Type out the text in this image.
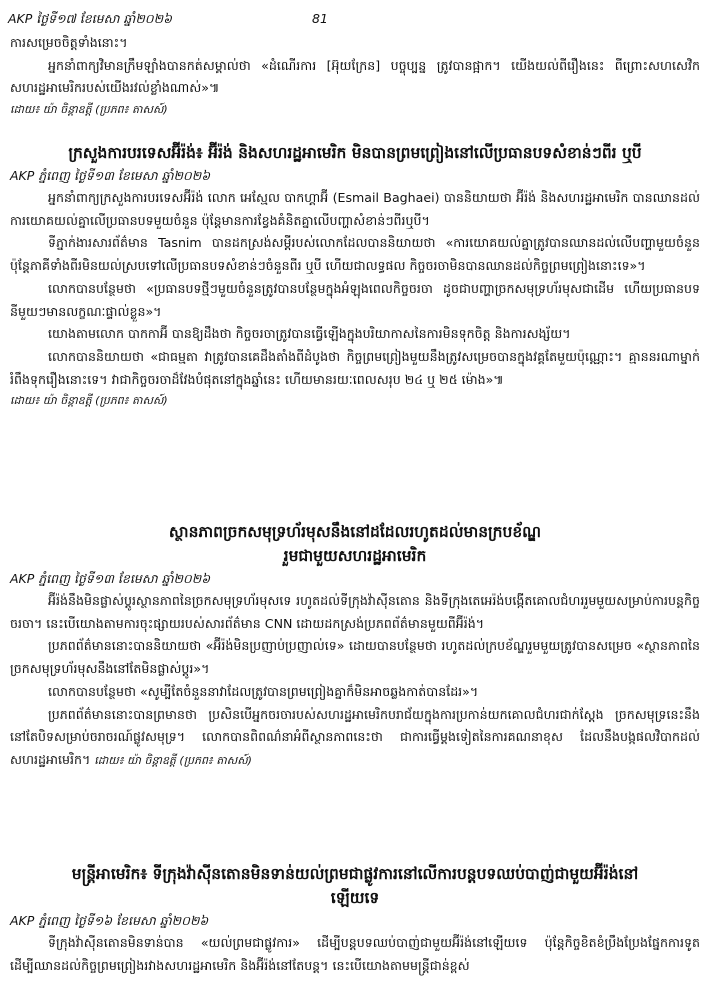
AKP ថ្ងៃទី១៧ ខែមេសា ឆ្នាំ២០២៦	81

ការសម្រេចចិត្តទាំងនោះ។

អ្នកនាំពាក្យវិមានក្រឹមឡាំងបានកត់សម្គាល់ថា «ដំណើរការ [អ៊ុយក្រែន] បច្ចុប្បន្ន ត្រូវបានផ្អាក។ យើងយល់ពីរឿងនេះ ពីព្រោះសហសេវិកសហរដ្ឋអាមេរិករបស់យើងរវល់ខ្លាំងណាស់»៕

ដោយ៖ យ៉ា ចិន្តាឧត្តី (ប្រភព៖ តាសស៍)

ក្រសួងការបរទេសអ៊ីរ៉ង់៖ អ៊ីរ៉ង់ និងសហរដ្ឋអាមេរិក មិនបានព្រមព្រៀងនៅលើប្រធានបទសំខាន់ៗពីរ ឬបី

AKP ភ្នំពេញ ថ្ងៃទី១៣ ខែមេសា ឆ្នាំ២០២៦

អ្នកនាំពាក្យក្រសួងការបរទេសអ៊ីរ៉ង់ លោក អេស្មែល បាកហ្គាអ៊ី (Esmail Baghaei) បាននិយាយថា អ៊ីរ៉ង់ និងសហរដ្ឋអាមេរិក បានឈានដល់ការយោគយល់គ្នាលើប្រធានបទមួយចំនួន ប៉ុន្តែមានការខ្វែងគំនិតគ្នាលើបញ្ហាសំខាន់ៗពីរឬបី។

ទីភ្នាក់ងារសារព័ត៌មាន Tasnim បានដកស្រង់សម្ដីរបស់លោកដែលបាននិយាយថា «ការយោគយល់គ្នាត្រូវបានឈានដល់លើបញ្ហាមួយចំនួន ប៉ុន្តែភាគីទាំងពីរមិនយល់ស្របទៅលើប្រធានបទសំខាន់ៗចំនួនពីរ ឬបី ហើយជាលទ្ធផល កិច្ចចរចាមិនបានឈានដល់កិច្ចព្រមព្រៀងនោះទេ»។

លោកបានបន្ថែមថា «ប្រធានបទថ្មីៗមួយចំនួនត្រូវបានបន្ថែមក្នុងអំឡុងពេលកិច្ចចរចា ដូចជាបញ្ហាច្រកសមុទ្រហ័រមុសជាដើម ហើយប្រធានបទនីមួយៗមានលក្ខណៈផ្ទាល់ខ្លួន»។

យោងតាមលោក បាកកាអ៊ី បានឱ្យដឹងថា កិច្ចចរចាត្រូវបានធ្វើឡើងក្នុងបរិយាកាសនៃការមិនទុកចិត្ត និងការសង្ស័យ។

លោកបាននិយាយថា «ជាធម្មតា វាត្រូវបានគេដឹងតាំងពីដំបូងថា កិច្ចព្រមព្រៀងមួយនឹងត្រូវសម្រេចបានក្នុងវគ្គតែមួយប៉ុណ្ណោះ។ គ្មាននរណាម្នាក់រំពឹងទុករឿងនោះទេ។ វាជាកិច្ចចរចាដ៏វែងបំផុតនៅក្នុងឆ្នាំនេះ ហើយមានរយៈពេលសរុប ២៤ ឬ ២៥ ម៉ោង»៕

ដោយ៖ យ៉ា ចិន្តាឧត្តី (ប្រភព៖ តាសស៍)

ស្ថានភាពច្រកសមុទ្រហ័រមុសនឹងនៅដដែលរហូតដល់មានក្របខ័ណ្ឌ

រួមជាមួយសហរដ្ឋអាមេរិក

AKP ភ្នំពេញ ថ្ងៃទី១៣ ខែមេសា ឆ្នាំ២០២៦

អ៊ីរ៉ង់នឹងមិនផ្លាស់ប្ដូរស្ថានភាពនៃច្រកសមុទ្រហ័រមុសទេ រហូតដល់ទីក្រុងវ៉ាស៊ីនតោន និងទីក្រុងតេអេរ៉ង់បង្កើតគោលជំហររួមមួយសម្រាប់ការបន្តកិច្ចចរចា។ នេះបើយោងតាមការចុះផ្សាយរបស់សារព័ត៌មាន CNN ដោយដកស្រង់ប្រភពព័ត៌មានមួយពីអ៊ីរ៉ង់។

ប្រភពព័ត៌មាននោះបាននិយាយថា «អ៊ីរ៉ង់មិនប្រញាប់ប្រញាល់ទេ» ដោយបានបន្ថែមថា រហូតដល់ក្របខ័ណ្ឌរួមមួយត្រូវបានសម្រេច «ស្ថានភាពនៃច្រកសមុទ្រហ័រមុសនឹងនៅតែមិនផ្លាស់ប្ដូរ»។

លោកបានបន្ថែមថា «សូម្បីតែចំនួននាវាដែលត្រូវបានព្រមព្រៀងគ្នាក៏មិនអាចឆ្លងកាត់បានដែរ»។

ប្រភពព័ត៌មាននោះបានព្រមានថា ប្រសិនបើអ្នកចរចារបស់សហរដ្ឋអាមេរិកបរាជ័យក្នុងការប្រកាន់យកគោលជំហរជាក់ស្ដែង ច្រកសមុទ្រនេះនឹងនៅតែបិទសម្រាប់ចរាចរណ៍ផ្លូវសមុទ្រ។ លោកបានពិពណ៌នាអំពីស្ថានភាពនេះថា ជាការធ្វើម្ដងទៀតនៃការគណនាខុស ដែលនឹងបង្កផលវិបាកដល់សហរដ្ឋអាមេរិក។ ដោយ៖ យ៉ា ចិន្តាឧត្តី (ប្រភព៖ តាសស៍)

មន្ត្រីអាមេរិក៖ ទីក្រុងវ៉ាស៊ីនតោនមិនទាន់យល់ព្រមជាផ្លូវការនៅលើការបន្តបទឈប់បាញ់ជាមួយអ៊ីរ៉ង់នៅ

ឡើយទេ

AKP ភ្នំពេញ ថ្ងៃទី១៦ ខែមេសា ឆ្នាំ២០២៦

ទីក្រុងវ៉ាស៊ីនតោនមិនទាន់បាន «យល់ព្រមជាផ្លូវការ» ដើម្បីបន្តបទឈប់បាញ់ជាមួយអ៊ីរ៉ង់នៅឡើយទេ ប៉ុន្តែកិច្ចខិតខំប្រឹងប្រែងផ្នែកការទូតដើម្បីឈានដល់កិច្ចព្រមព្រៀងរវាងសហរដ្ឋអាមេរិក និងអ៊ីរ៉ង់នៅតែបន្ត។ នេះបើយោងតាមមន្ត្រីជាន់ខ្ពស់
